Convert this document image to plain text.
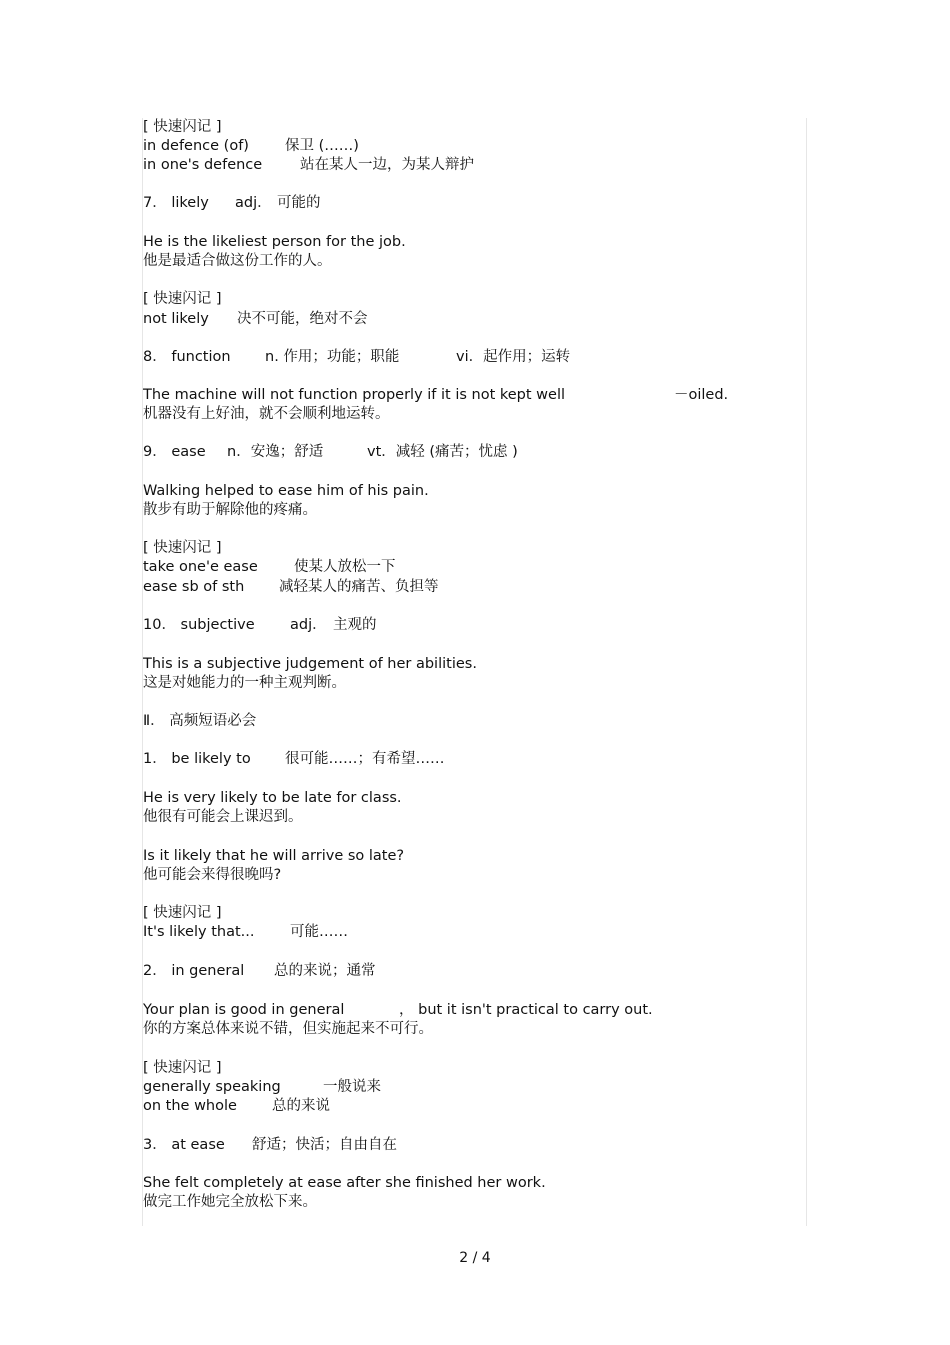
[ 快速闪记 ]
in defence (of) 保卫 (……)
in one's defence	站在某人一边，为某人辩护
7． likely adj． 可能的
He is the likeliest person for the job.
他是最适合做这份工作的人。
[ 快速闪记 ]
not likely 决不可能，绝对不会
8． function n. 作用；功能；职能	vi．起作用；运转
The machine will not function properly if it is not kept well	－oiled.
机器没有上好油，就不会顺利地运转。
9． ease n．安逸；舒适	vt．减轻 (痛苦；忧虑 )
Walking helped to ease him of his pain.
散步有助于解除他的疼痛。
[ 快速闪记 ]
take one'e ease 使某人放松一下
ease sb of sth 减轻某人的痛苦、负担等
10． subjective adj． 主观的
This is a subjective judgement of her abilities.
这是对她能力的一种主观判断。
Ⅱ． 高频短语必会
1． be likely to 很可能……；有希望……
He is very likely to be late for class.
他很有可能会上课迟到。
Is it likely that he will arrive so late?
他可能会来得很晚吗?
[ 快速闪记 ]
It's likely that... 可能……
2． in general 总的来说；通常
Your plan is good in general	， but it isn't practical to carry out.
你的方案总体来说不错，但实施起来不可行。
[ 快速闪记 ]
generally speaking	一般说来
on the whole 总的来说
3． at ease 舒适；快活；自由自在
She felt completely at ease after she finished her work.
做完工作她完全放松下来。
2 / 4
